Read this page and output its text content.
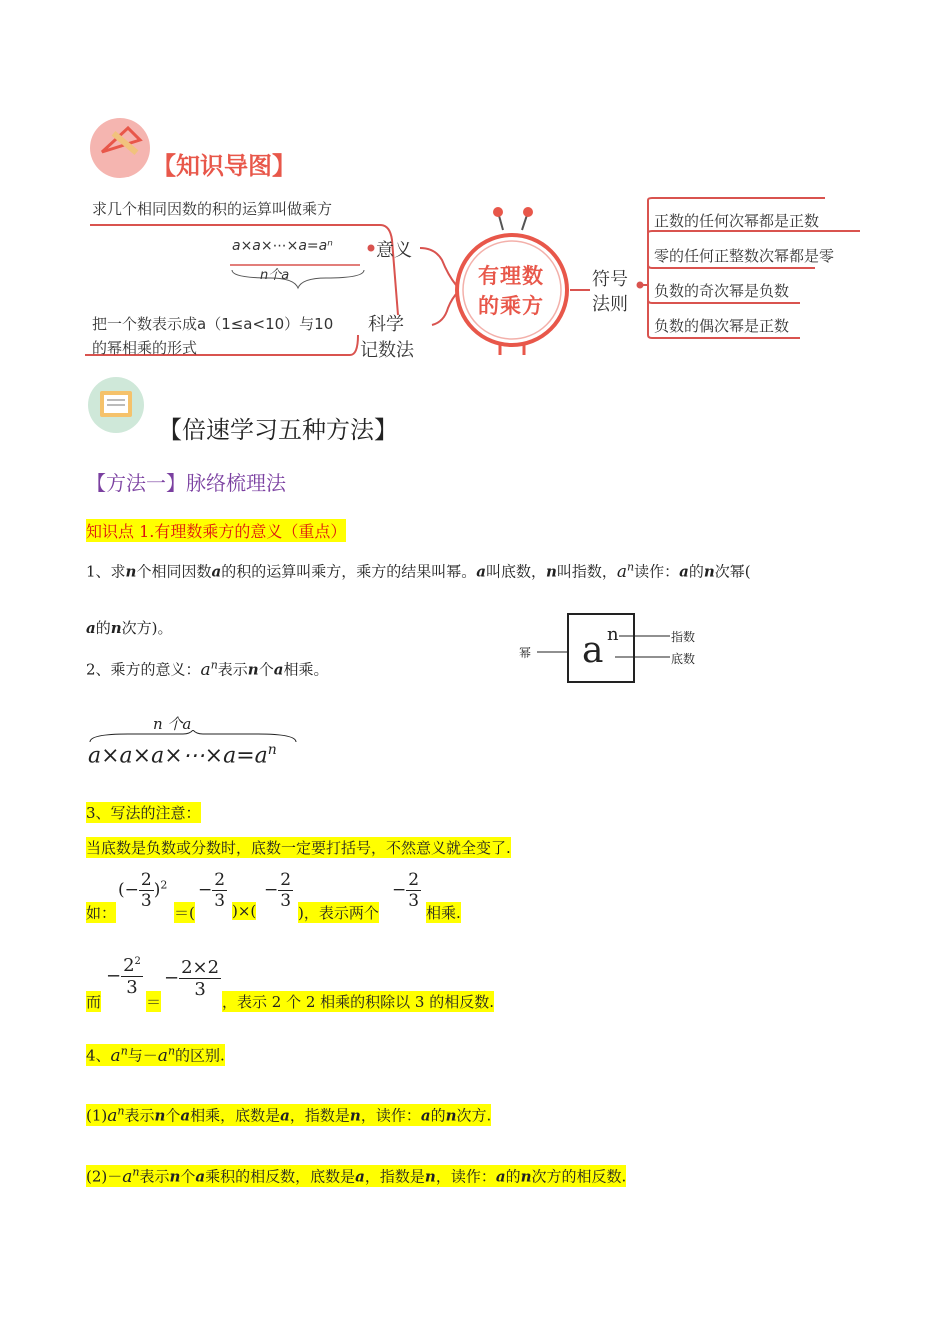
【知识导图】
求几个相同因数的积的运算叫做乘方
a×a×⋯×a=aⁿ
n个a
意义
把一个数表示成a（1≤a<10）与10
的幂相乘的形式
科学
记数法
有理数
的乘方
符号
法则
正数的任何次幂都是正数
零的任何正整数次幂都是零
负数的奇次幂是负数
负数的偶次幂是正数
【倍速学习五种方法】
【方法一】脉络梳理法
知识点 1.有理数乘方的意义（重点）
1、求n个相同因数a的积的运算叫乘方，乘方的结果叫幂。a叫底数，n叫指数，$a^n$读作：a的n次幂(
a的n次方)。
2、乘方的意义：$a^n$表示n个a相乘。	a n
幂
指数
底数
n 个a
$a\times a\times a\times\cdots\times a=a^n$
3、写法的注意：
当底数是负数或分数时，底数一定要打括号，不然意义就全变了.
如：
(− $\frac{2}{3} )^2$
＝(
− $\frac{2}{3}$ )×(
− $\frac{2}{3}$
)，表示两个
− $\frac{2}{3}$
相乘.
而
− $\frac{2^2}{3}$
＝
− $\frac{2\times 2}{3}$
，表示 2 个 2 相乘的积除以 3 的相反数.
4、$a^n$与$-a^n$的区别.
$(1)a^n$表示n个a相乘，底数是a，指数是n，读作：a的n次方.
$(2)-a^n$表示n个a乘积的相反数，底数是a，指数是n，读作：a的n次方的相反数.
